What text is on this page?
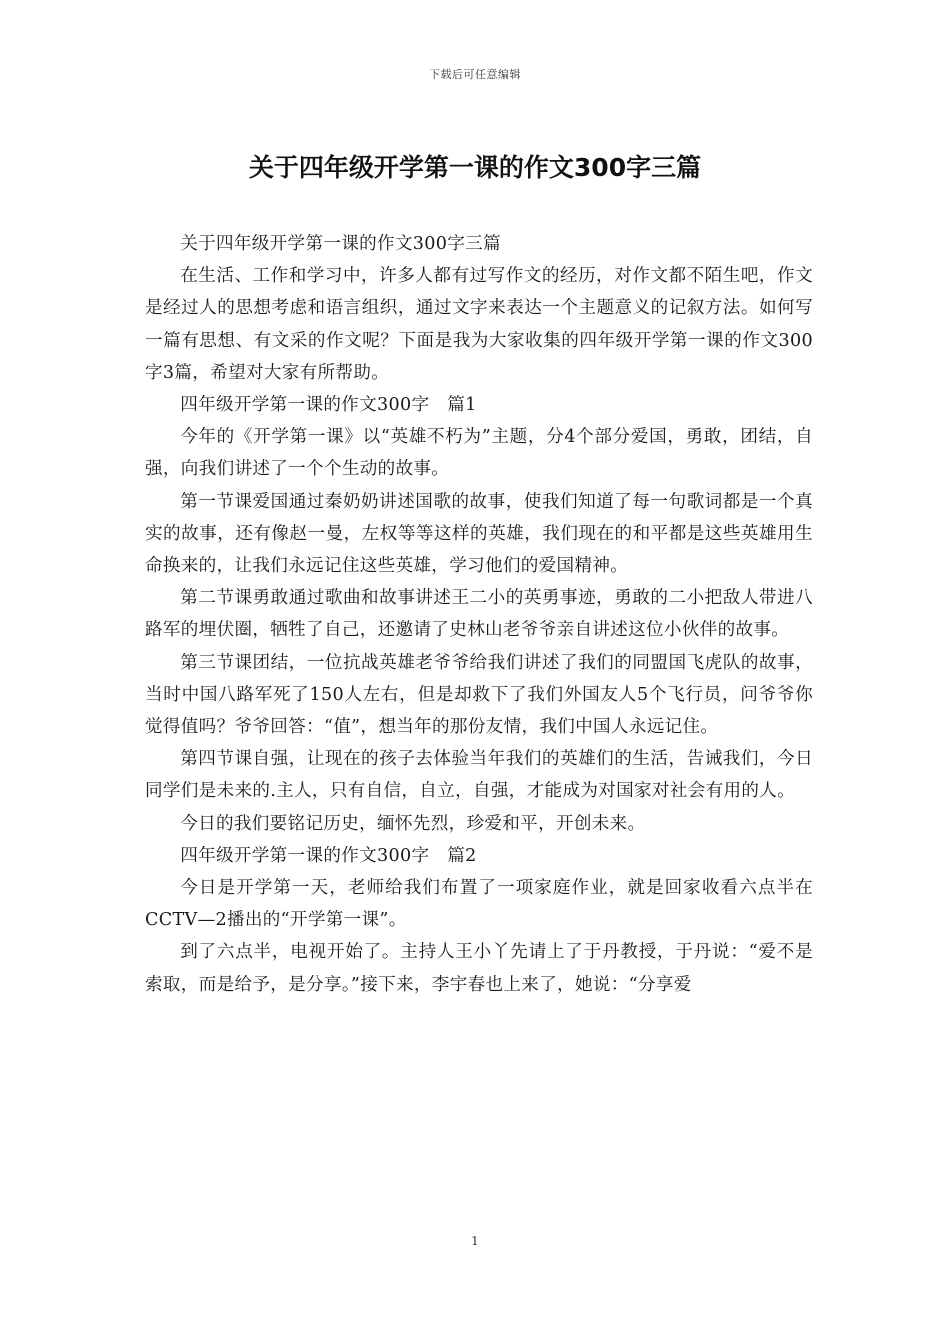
下载后可任意编辑
关于四年级开学第一课的作文300字三篇

关于四年级开学第一课的作文300字三篇

在生活、工作和学习中，许多人都有过写作文的经历，对作文都不陌生吧，作文是经过人的思想考虑和语言组织，通过文字来表达一个主题意义的记叙方法。如何写一篇有思想、有文采的作文呢？下面是我为大家收集的四年级开学第一课的作文300字3篇，希望对大家有所帮助。

四年级开学第一课的作文300字　篇1

今年的《开学第一课》以“英雄不朽为”主题，分4个部分爱国，勇敢，团结，自强，向我们讲述了一个个生动的故事。

第一节课爱国通过秦奶奶讲述国歌的故事，使我们知道了每一句歌词都是一个真实的故事，还有像赵一曼，左权等等这样的英雄，我们现在的和平都是这些英雄用生命换来的，让我们永远记住这些英雄，学习他们的爱国精神。

第二节课勇敢通过歌曲和故事讲述王二小的英勇事迹，勇敢的二小把敌人带进八路军的埋伏圈，牺牲了自己，还邀请了史林山老爷爷亲自讲述这位小伙伴的故事。

第三节课团结，一位抗战英雄老爷爷给我们讲述了我们的同盟国飞虎队的故事，当时中国八路军死了150人左右，但是却救下了我们外国友人5个飞行员，问爷爷你觉得值吗？爷爷回答：“值”，想当年的那份友情，我们中国人永远记住。

第四节课自强，让现在的孩子去体验当年我们的英雄们的生活，告诫我们，今日同学们是未来的.主人，只有自信，自立，自强，才能成为对国家对社会有用的人。

今日的我们要铭记历史，缅怀先烈，珍爱和平，开创未来。

四年级开学第一课的作文300字　篇2

今日是开学第一天，老师给我们布置了一项家庭作业，就是回家收看六点半在CCTV—2播出的“开学第一课”。

到了六点半，电视开始了。主持人王小丫先请上了于丹教授，于丹说：“爱不是索取，而是给予，是分享。”接下来，李宇春也上来了，她说：“分享爱

1
